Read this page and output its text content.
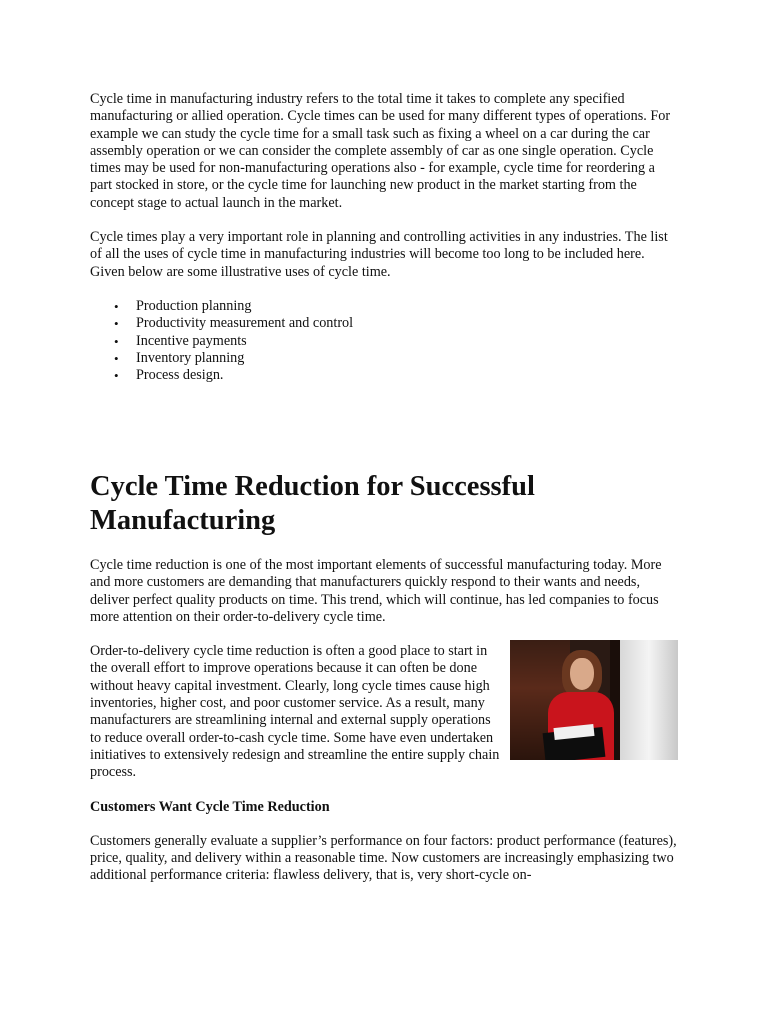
Cycle time in manufacturing industry refers to the total time it takes to complete any specified manufacturing or allied operation. Cycle times can be used for many different types of operations. For example we can study the cycle time for a small task such as fixing a wheel on a car during the car assembly operation or we can consider the complete assembly of car as one single operation. Cycle times may be used for non-manufacturing operations also - for example, cycle time for reordering a part stocked in store, or the cycle time for launching new product in the market starting from the concept stage to actual launch in the market.

Cycle times play a very important role in planning and controlling activities in any industries. The list of all the uses of cycle time in manufacturing industries will become too long to be included here. Given below are some illustrative uses of cycle time.

• Production planning
• Productivity measurement and control
• Incentive payments
• Inventory planning
• Process design.
Cycle Time Reduction for Successful Manufacturing

Cycle time reduction is one of the most important elements of successful manufacturing today. More and more customers are demanding that manufacturers quickly respond to their wants and needs, deliver perfect quality products on time. This trend, which will continue, has led companies to focus more attention on their order-to-delivery cycle time.

Order-to-delivery cycle time reduction is often a good place to start in the overall effort to improve operations because it can often be done without heavy capital investment. Clearly, long cycle times cause high inventories, higher cost, and poor customer service. As a result, many manufacturers are streamlining internal and external supply operations to reduce overall order-to-cash cycle time. Some have even undertaken initiatives to extensively redesign and streamline the entire supply chain process.

Customers Want Cycle Time Reduction

Customers generally evaluate a supplier’s performance on four factors: product performance (features), price, quality, and delivery within a reasonable time. Now customers are increasingly emphasizing two additional performance criteria: flawless delivery, that is, very short-cycle on-
